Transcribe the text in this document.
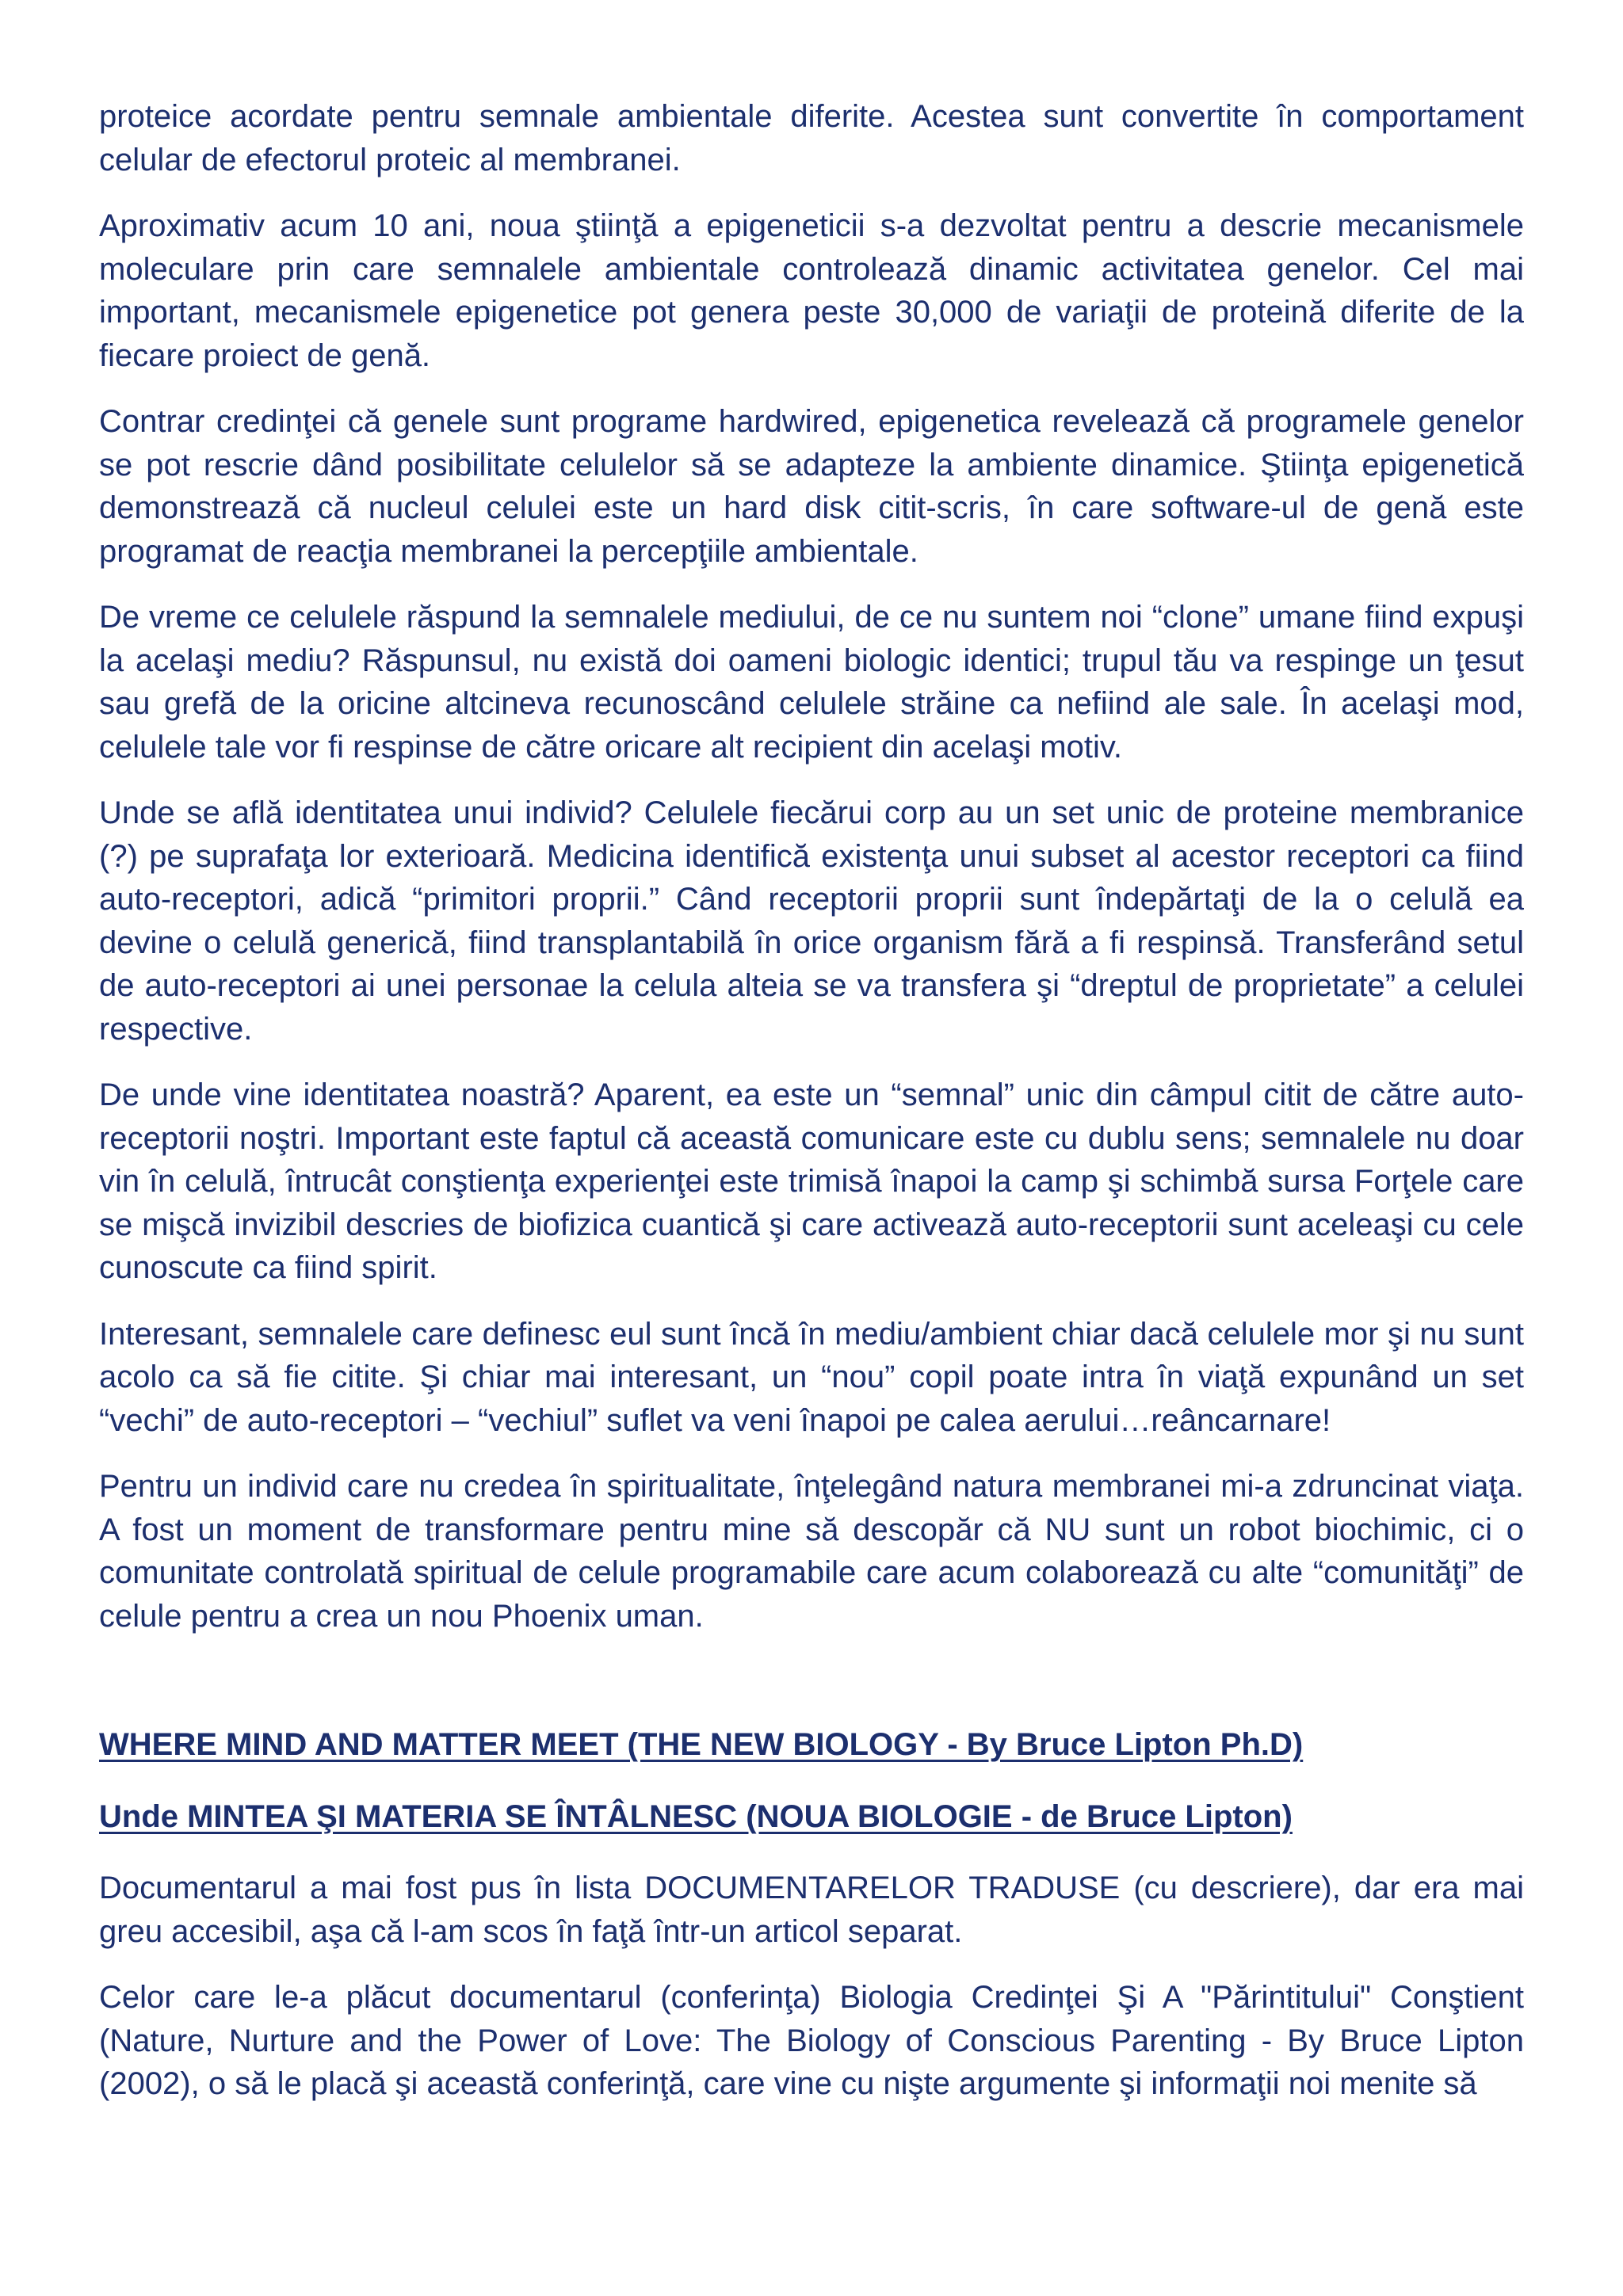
proteice acordate pentru semnale ambientale diferite. Acestea sunt convertite în comportament celular de efectorul proteic al membranei.

Aproximativ acum 10 ani, noua ştiinţă a epigeneticii s-a dezvoltat pentru a descrie mecanismele moleculare prin care semnalele ambientale controlează dinamic activitatea genelor. Cel mai important, mecanismele epigenetice pot genera peste 30,000 de variaţii de proteină diferite de la fiecare proiect de genă.

Contrar credinţei că genele sunt programe hardwired, epigenetica revelează că programele genelor se pot rescrie dând posibilitate celulelor să se adapteze la ambiente dinamice. Ştiinţa epigenetică demonstrează că nucleul celulei este un hard disk citit-scris, în care software-ul de genă este programat de reacţia membranei la percepţiile ambientale.

De vreme ce celulele răspund la semnalele mediului, de ce nu suntem noi “clone” umane fiind expuşi la acelaşi mediu? Răspunsul, nu există doi oameni biologic identici; trupul tău va respinge un ţesut sau grefă de la oricine altcineva recunoscând celulele străine ca nefiind ale sale. În acelaşi mod, celulele tale vor fi respinse de către oricare alt recipient din acelaşi motiv.

Unde se află identitatea unui individ? Celulele fiecărui corp au un set unic de proteine membranice (?) pe suprafaţa lor exterioară. Medicina identifică existenţa unui subset al acestor receptori ca fiind auto-receptori, adică “primitori proprii.” Când receptorii proprii sunt îndepărtaţi de la o celulă ea devine o celulă generică, fiind transplantabilă în orice organism fără a fi respinsă. Transferând setul de auto-receptori ai unei personae la celula alteia se va transfera şi “dreptul de proprietate” a celulei respective.

De unde vine identitatea noastră? Aparent, ea este un “semnal” unic din câmpul citit de către auto-receptorii noştri. Important este faptul că această comunicare este cu dublu sens; semnalele nu doar vin în celulă, întrucât conştienţa experienţei este trimisă înapoi la camp şi schimbă sursa Forţele care se mişcă invizibil descries de biofizica cuantică şi care activează auto-receptorii sunt aceleaşi cu cele cunoscute ca fiind spirit.

Interesant, semnalele care definesc eul sunt încă în mediu/ambient chiar dacă celulele mor şi nu sunt acolo ca să fie citite. Şi chiar mai interesant, un “nou” copil poate intra în viaţă expunând un set “vechi” de auto-receptori – “vechiul” suflet va veni înapoi pe calea aerului…reâncarnare!

Pentru un individ care nu credea în spiritualitate, înţelegând natura membranei mi-a zdruncinat viaţa. A fost un moment de transformare pentru mine să descopăr că NU sunt un robot biochimic, ci o comunitate controlată spiritual de celule programabile care acum colaborează cu alte “comunităţi” de celule pentru a crea un nou Phoenix uman.

WHERE MIND AND MATTER MEET (THE NEW BIOLOGY - By Bruce Lipton Ph.D)

Unde MINTEA ŞI MATERIA SE ÎNTÂLNESC (NOUA BIOLOGIE - de Bruce Lipton)

Documentarul a mai fost pus în lista DOCUMENTARELOR TRADUSE (cu descriere), dar era mai greu accesibil, aşa că l-am scos în faţă într-un articol separat.

Celor care le-a plăcut documentarul (conferinţa) Biologia Credinţei Şi A "Părintitului" Conştient (Nature, Nurture and the Power of Love: The Biology of Conscious Parenting - By Bruce Lipton (2002), o să le placă şi această conferinţă, care vine cu nişte argumente şi informaţii noi menite să
